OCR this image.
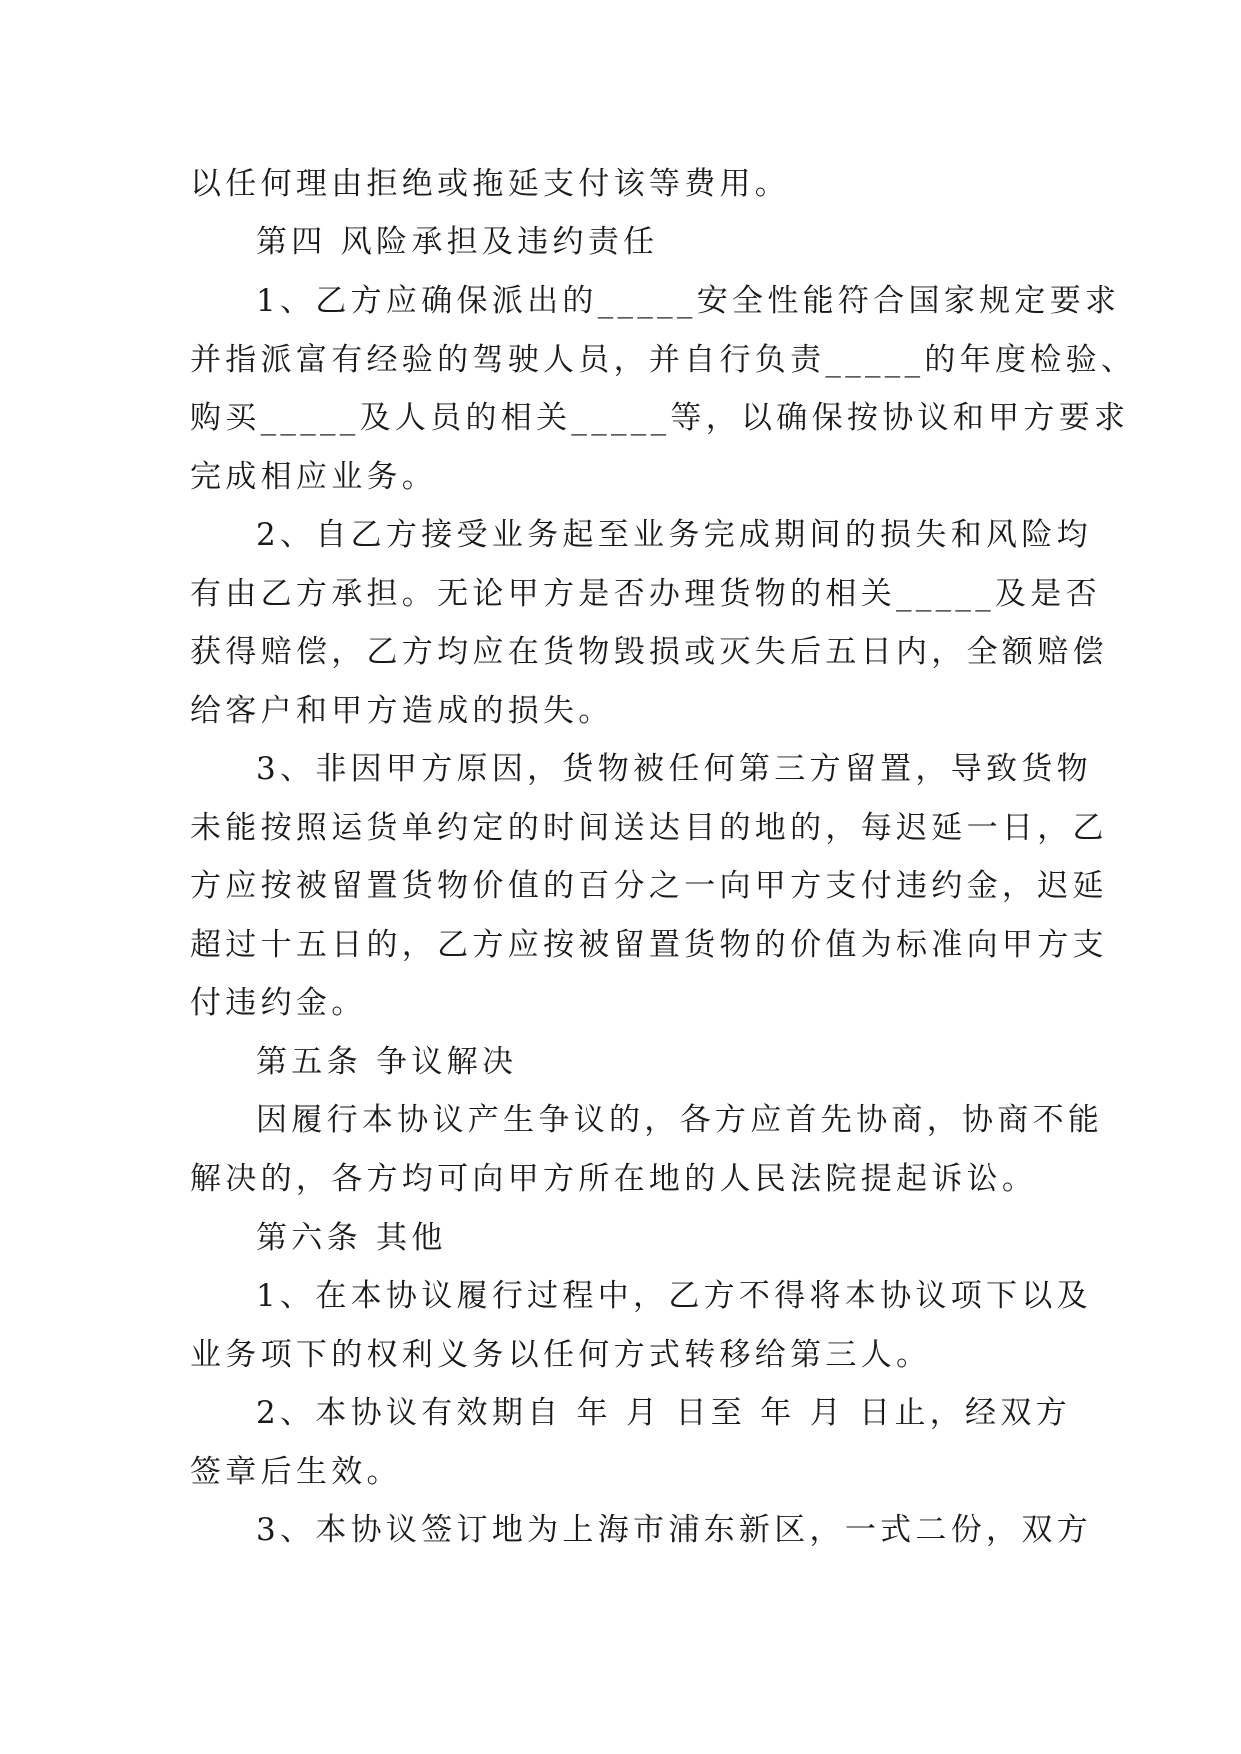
以任何理由拒绝或拖延支付该等费用。
第四 风险承担及违约责任
1、乙方应确保派出的_____安全性能符合国家规定要求
并指派富有经验的驾驶人员，并自行负责_____的年度检验、
购买_____及人员的相关_____等，以确保按协议和甲方要求
完成相应业务。
2、自乙方接受业务起至业务完成期间的损失和风险均
有由乙方承担。无论甲方是否办理货物的相关_____及是否
获得赔偿，乙方均应在货物毁损或灭失后五日内，全额赔偿
给客户和甲方造成的损失。
3、非因甲方原因，货物被任何第三方留置，导致货物
未能按照运货单约定的时间送达目的地的，每迟延一日，乙
方应按被留置货物价值的百分之一向甲方支付违约金，迟延
超过十五日的，乙方应按被留置货物的价值为标准向甲方支
付违约金。
第五条 争议解决
因履行本协议产生争议的，各方应首先协商，协商不能
解决的，各方均可向甲方所在地的人民法院提起诉讼。
第六条 其他
1、在本协议履行过程中，乙方不得将本协议项下以及
业务项下的权利义务以任何方式转移给第三人。
2、本协议有效期自 年 月 日至 年 月 日止，经双方
签章后生效。
3、本协议签订地为上海市浦东新区，一式二份，双方
